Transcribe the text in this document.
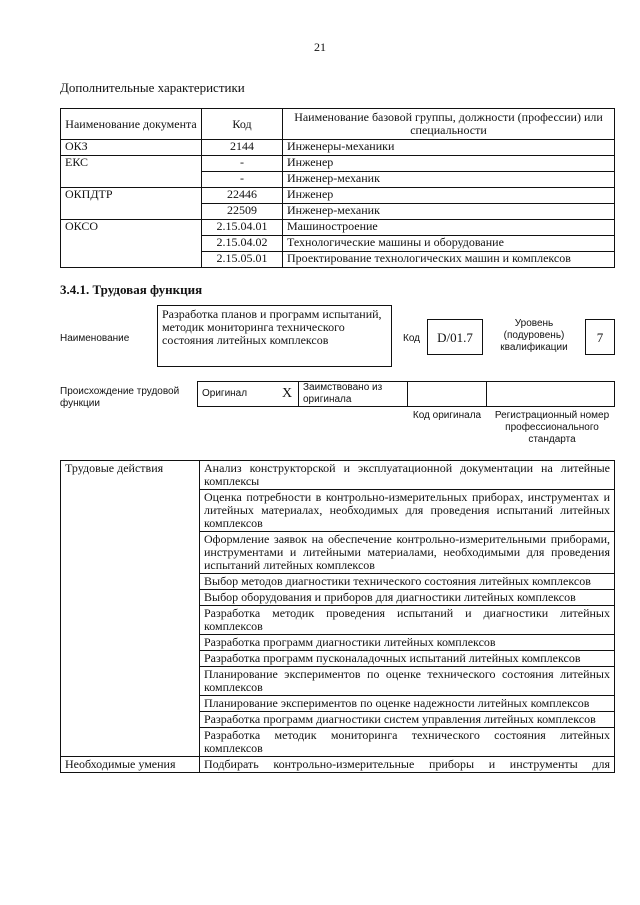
21
Дополнительные характеристики
Наименование документа	Код	Наименование базовой группы, должности (профессии) или специальности
ОКЗ	2144	Инженеры-механики
ЕКС	-	Инженер
	-	Инженер-механик
ОКПДТР	22446	Инженер
	22509	Инженер-механик
ОКСО	2.15.04.01	Машиностроение
	2.15.04.02	Технологические машины и оборудование
	2.15.05.01	Проектирование технологических машин и комплексов
3.4.1. Трудовая функция
Наименование
Разработка планов и программ испытаний, методик мониторинга технического состояния литейных комплексов	Код	D/01.7
Уровень (подуровень) квалификации
7
Происхождение трудовой функции
Оригинал	X	Заимствовано из оригинала		
Код оригинала	Регистрационный номер профессионального стандарта
Трудовые действия	Анализ конструкторской и эксплуатационной документации на литейные комплексы
	Оценка потребности в контрольно-измерительных приборах, инструментах и литейных материалах, необходимых для проведения испытаний литейных комплексов
	Оформление заявок на обеспечение контрольно-измерительными приборами, инструментами и литейными материалами, необходимыми для проведения испытаний литейных комплексов
	Выбор методов диагностики технического состояния литейных комплексов
	Выбор оборудования и приборов для диагностики литейных комплексов
	Разработка методик проведения испытаний и диагностики литейных комплексов
	Разработка программ диагностики литейных комплексов
	Разработка программ пусконаладочных испытаний литейных комплексов
	Планирование экспериментов по оценке технического состояния литейных комплексов
	Планирование экспериментов по оценке надежности литейных комплексов
	Разработка программ диагностики систем управления литейных комплексов
	Разработка методик мониторинга технического состояния литейных комплексов
Необходимые умения	Подбирать контрольно-измерительные приборы и инструменты для
